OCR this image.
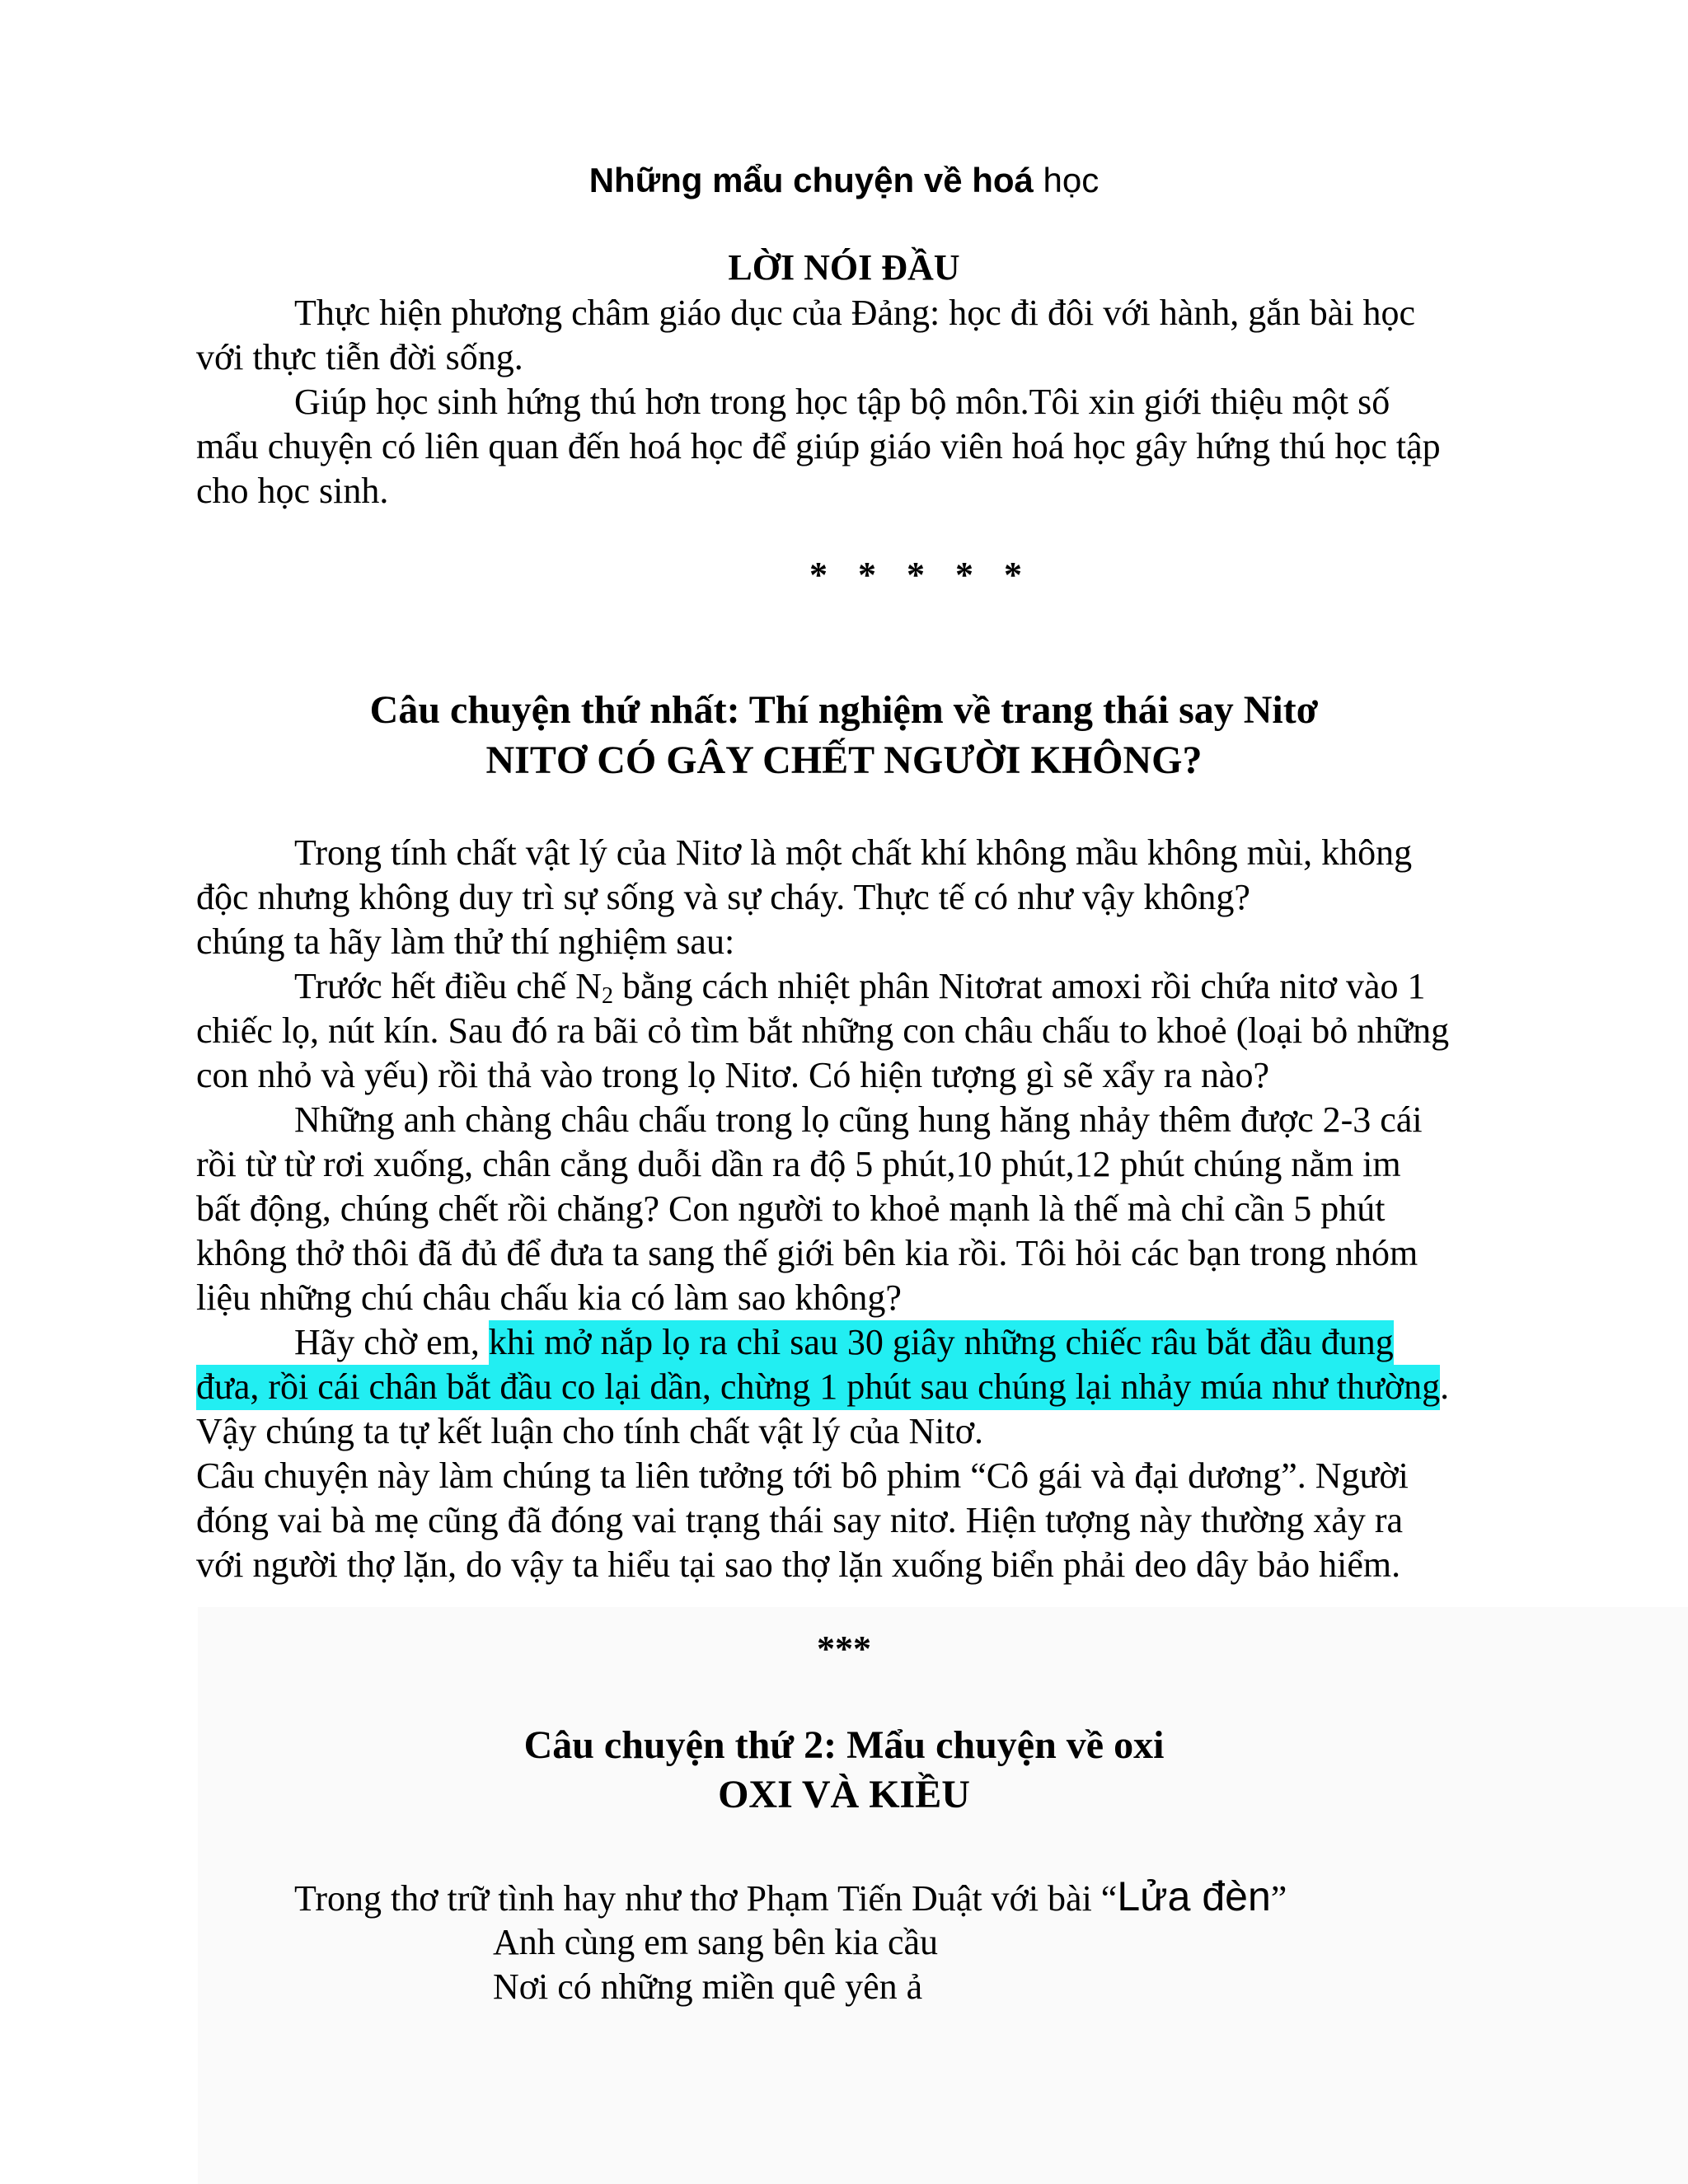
Những mẩu chuyện về hoá học
LỜI NÓI ĐẦU
Thực hiện phương châm giáo dục của Đảng: học đi đôi với hành, gắn bài học
với thực tiễn đời sống.
Giúp học sinh hứng thú hơn trong học tập bộ môn.Tôi xin giới thiệu một số
mẩu chuyện có liên quan đến hoá học để giúp giáo viên hoá học gây hứng thú học tập
cho học sinh.
* * * * *
Câu chuyện thứ nhất: Thí nghiệm về trang thái say Nitơ
NITƠ CÓ GÂY CHẾT NGƯỜI KHÔNG?
Trong tính chất vật lý của Nitơ là một chất khí không mầu không mùi, không
độc nhưng không duy trì sự sống và sự cháy. Thực tế có như vậy không?
chúng ta hãy làm thử thí nghiệm sau:
Trước hết điều chế $N_2$ bằng cách nhiệt phân Nitơrat amoxi rồi chứa nitơ vào 1
chiếc lọ, nút kín. Sau đó ra bãi cỏ tìm bắt những con châu chấu to khoẻ (loại bỏ những
con nhỏ và yếu) rồi thả vào trong lọ Nitơ. Có hiện tượng gì sẽ xẩy ra nào?
Những anh chàng châu chấu trong lọ cũng hung hăng nhảy thêm được 2-3 cái
rồi từ từ rơi xuống, chân cẳng duỗi dần ra độ 5 phút,10 phút,12 phút chúng nằm im
bất động, chúng chết rồi chăng? Con người to khoẻ mạnh là thế mà chỉ cần 5 phút
không thở thôi đã đủ để đưa ta sang thế giới bên kia rồi. Tôi hỏi các bạn trong nhóm
liệu những chú châu chấu kia có làm sao không?
Hãy chờ em, khi mở nắp lọ ra chỉ sau 30 giây những chiếc râu bắt đầu đung
đưa, rồi cái chân bắt đầu co lại dần, chừng 1 phút sau chúng lại nhảy múa như thường.
Vậy chúng ta tự kết luận cho tính chất vật lý của Nitơ.
Câu chuyện này làm chúng ta liên tưởng tới bô phim “Cô gái và đại dương”. Người
đóng vai bà mẹ cũng đã đóng vai trạng thái say nitơ. Hiện tượng này thường xảy ra
với người thợ lặn, do vậy ta hiểu tại sao thợ lặn xuống biển phải deo dây bảo hiểm.
***
Câu chuyện thứ 2: Mẩu chuyện về oxi
OXI VÀ KIỀU
Trong thơ trữ tình hay như thơ Phạm Tiến Duật với bài “Lửa đèn”
Anh cùng em sang bên kia cầu
Nơi có những miền quê yên ả
